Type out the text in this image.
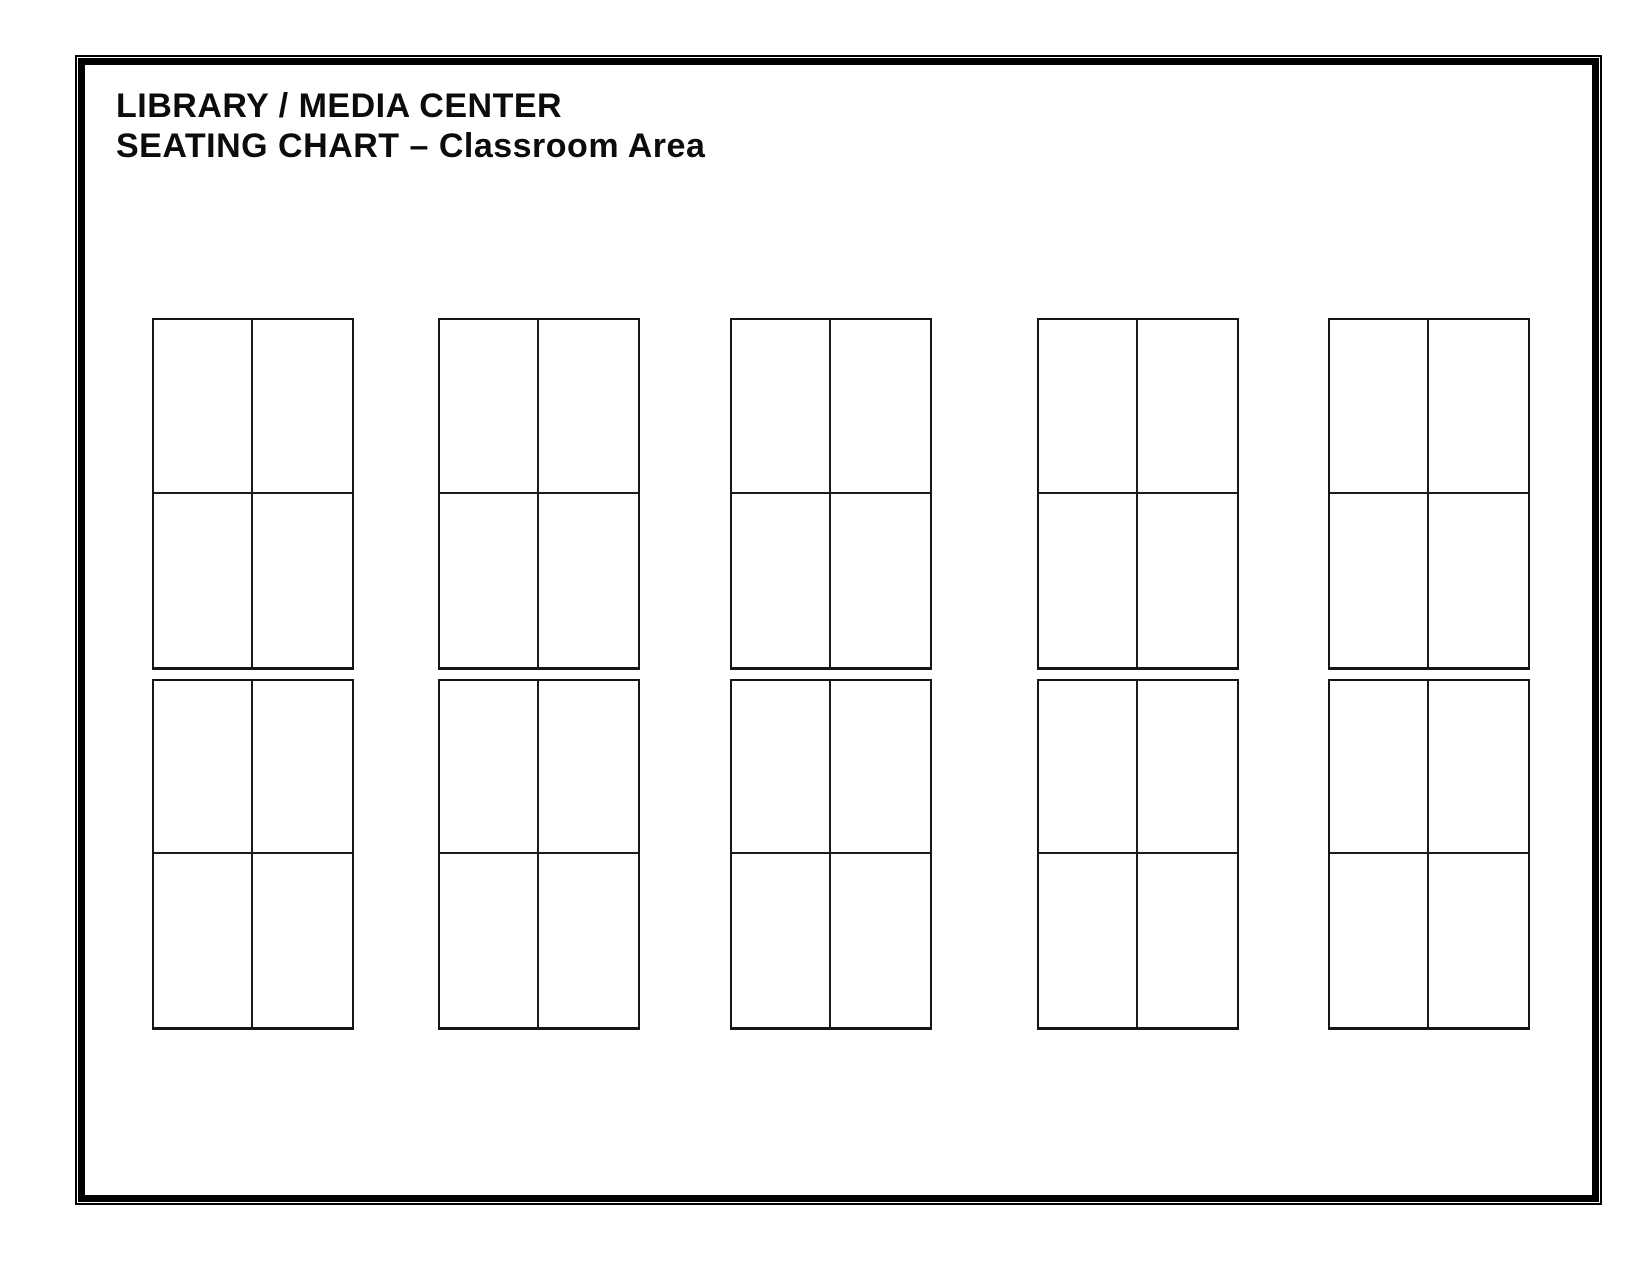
LIBRARY / MEDIA CENTER
SEATING CHART – Classroom Area
